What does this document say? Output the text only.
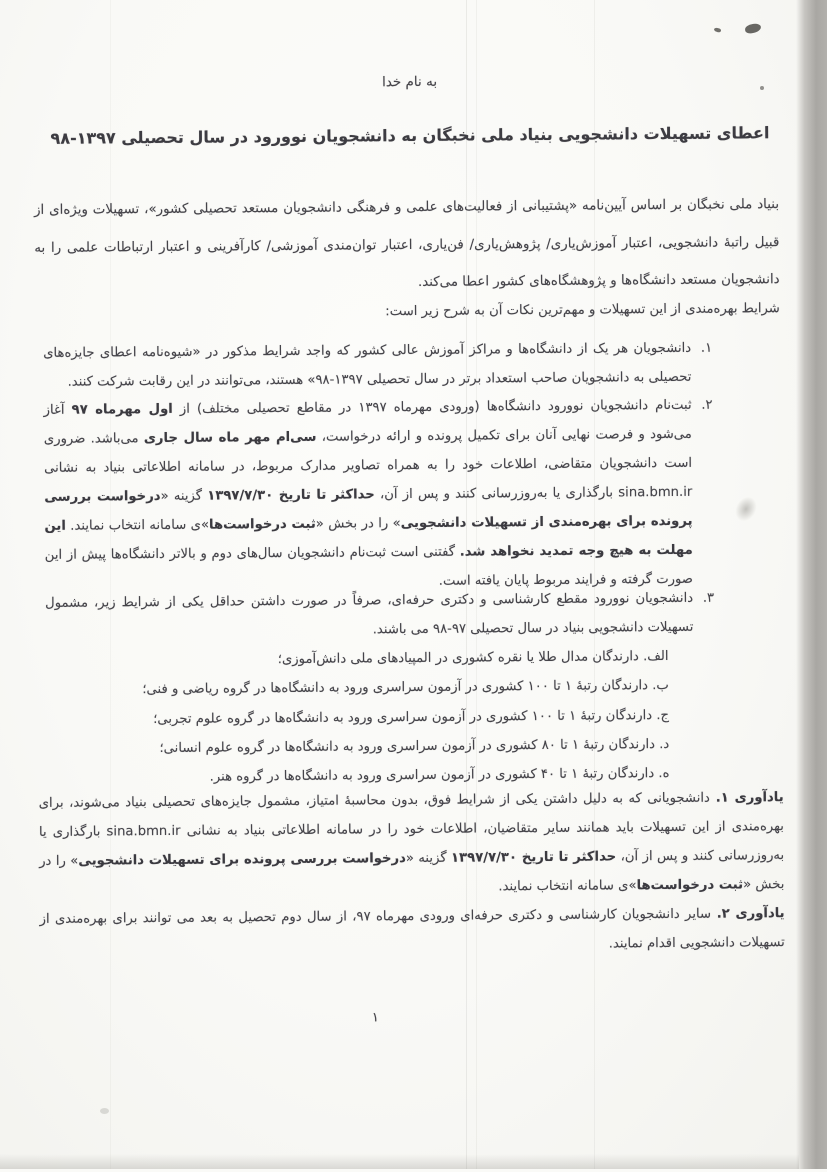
به نام خدا
اعطای تسهیلات دانشجویی بنیاد ملی نخبگان به دانشجویان نوورود در سال تحصیلی ۱۳۹۷-۹۸
بنیاد ملی نخبگان بر اساس آیین‌نامه «پشتیبانی از فعالیت‌های علمی و فرهنگی دانشجویان مستعد تحصیلی کشور»، تسهیلات ویژه‌ای از قبیل راتبهٔ دانشجویی، اعتبار آموزش‌یاری/ پژوهش‌یاری/ فن‌یاری، اعتبار توان‌مندی آموزشی/ کارآفرینی و اعتبار ارتباطات علمی را به دانشجویان مستعد دانشگاه‌ها و پژوهشگاه‌های کشور اعطا می‌کند.
شرایط بهره‌مندی از این تسهیلات و مهم‌ترین نکات آن به شرح زیر است:
۱.
دانشجویان هر یک از دانشگاه‌ها و مراکز آموزش عالی کشور که واجد شرایط مذکور در «شیوه‌نامه اعطای جایزه‌های تحصیلی به دانشجویان صاحب استعداد برتر در سال تحصیلی ۱۳۹۷-۹۸» هستند، می‌توانند در این رقابت شرکت کنند.
۲.
ثبت‌نام دانشجویان نوورود دانشگاه‌ها (ورودی مهرماه ۱۳۹۷ در مقاطع تحصیلی مختلف) از اول مهرماه ۹۷ آغاز می‌شود و فرصت نهایی آنان برای تکمیل پرونده و ارائه درخواست، سی‌ام مهر ماه سال جاری می‌باشد. ضروری است دانشجویان متقاضی، اطلاعات خود را به همراه تصاویر مدارک مربوط، در سامانه اطلاعاتی بنیاد به نشانی sina.bmn.ir بارگذاری یا به‌روزرسانی کنند و پس از آن، حداکثر تا تاریخ ۱۳۹۷/۷/۳۰ گزینه «درخواست بررسی پرونده برای بهره‌مندی از تسهیلات دانشجویی» را در بخش «ثبت درخواست‌ها»ی سامانه انتخاب نمایند. این مهلت به هیچ وجه تمدید نخواهد شد. گفتنی است ثبت‌نام دانشجویان سال‌های دوم و بالاتر دانشگاه‌ها پیش از این صورت گرفته و فرایند مربوط پایان یافته است.
۳.
دانشجویان نوورود مقطع کارشناسی و دکتری حرفه‌ای، صرفاً در صورت داشتن حداقل یکی از شرایط زیر، مشمول تسهیلات دانشجویی بنیاد در سال تحصیلی ۹۷-۹۸ می باشند.
الف. دارندگان مدال طلا یا نقره کشوری در المپیادهای ملی دانش‌آموزی؛
ب. دارندگان رتبهٔ ۱ تا ۱۰۰ کشوری در آزمون سراسری ورود به دانشگاه‌ها در گروه ریاضی و فنی؛
ج. دارندگان رتبهٔ ۱ تا ۱۰۰ کشوری در آزمون سراسری ورود به دانشگاه‌ها در گروه علوم تجربی؛
د. دارندگان رتبهٔ ۱ تا ۸۰ کشوری در آزمون سراسری ورود به دانشگاه‌ها در گروه علوم انسانی؛
ه. دارندگان رتبهٔ ۱ تا ۴۰ کشوری در آزمون سراسری ورود به دانشگاه‌ها در گروه هنر.
یادآوری ۱. دانشجویانی که به دلیل داشتن یکی از شرایط فوق، بدون محاسبهٔ امتیاز، مشمول جایزه‌های تحصیلی بنیاد می‌شوند، برای بهره‌مندی از این تسهیلات باید همانند سایر متقاضیان، اطلاعات خود را در سامانه اطلاعاتی بنیاد به نشانی sina.bmn.ir بارگذاری یا به‌روزرسانی کنند و پس از آن، حداکثر تا تاریخ ۱۳۹۷/۷/۳۰ گزینه «درخواست بررسی پرونده برای تسهیلات دانشجویی» را در بخش «ثبت درخواست‌ها»ی سامانه انتخاب نمایند.
یادآوری ۲. سایر دانشجویان کارشناسی و دکتری حرفه‌ای ورودی مهرماه ۹۷، از سال دوم تحصیل به بعد می توانند برای بهره‌مندی از تسهیلات دانشجویی اقدام نمایند.
۱
